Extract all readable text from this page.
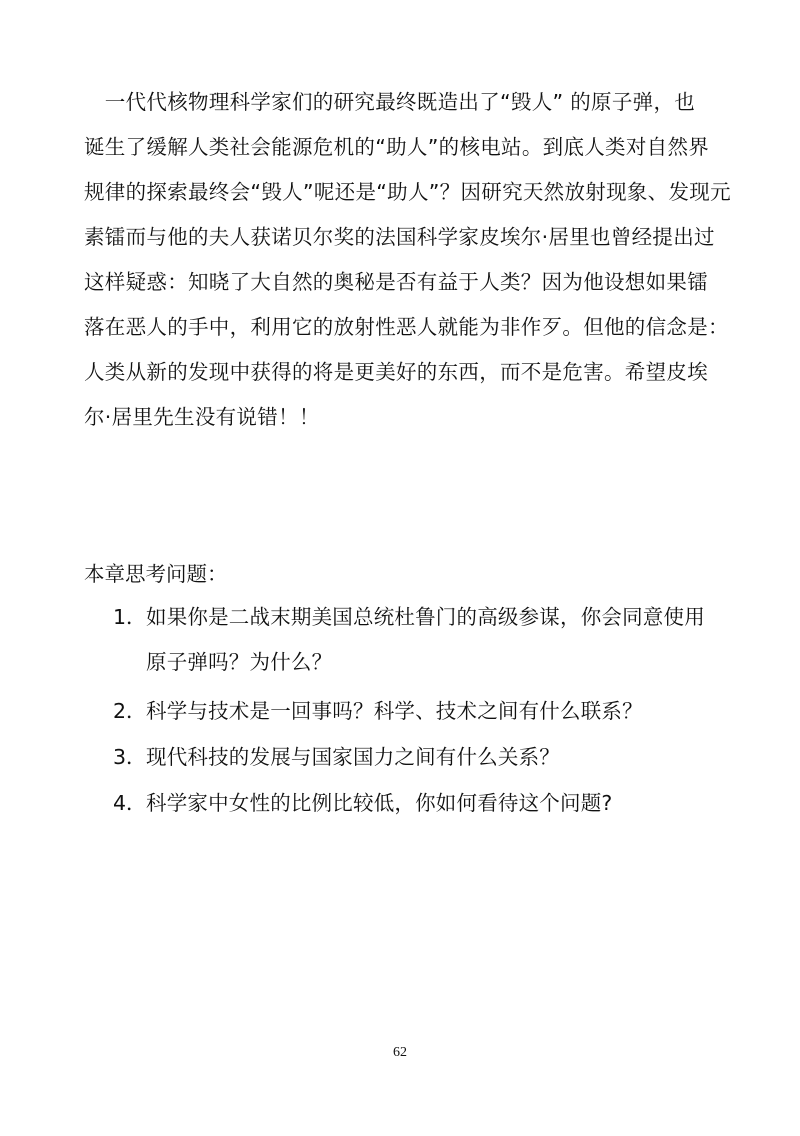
　一代代核物理科学家们的研究最终既造出了“毁人” 的原子弹，也
诞生了缓解人类社会能源危机的“助人”的核电站。到底人类对自然界
规律的探索最终会“毁人”呢还是“助人”？因研究天然放射现象、发现元
素镭而与他的夫人获诺贝尔奖的法国科学家皮埃尔·居里也曾经提出过
这样疑惑：知晓了大自然的奥秘是否有益于人类？因为他设想如果镭
落在恶人的手中，利用它的放射性恶人就能为非作歹。但他的信念是：
人类从新的发现中获得的将是更美好的东西，而不是危害。希望皮埃
尔·居里先生没有说错！！
本章思考问题：
1． 如果你是二战末期美国总统杜鲁门的高级参谋，你会同意使用
原子弹吗？为什么？
2． 科学与技术是一回事吗？科学、技术之间有什么联系？
3． 现代科技的发展与国家国力之间有什么关系？
4． 科学家中女性的比例比较低，你如何看待这个问题?
62
